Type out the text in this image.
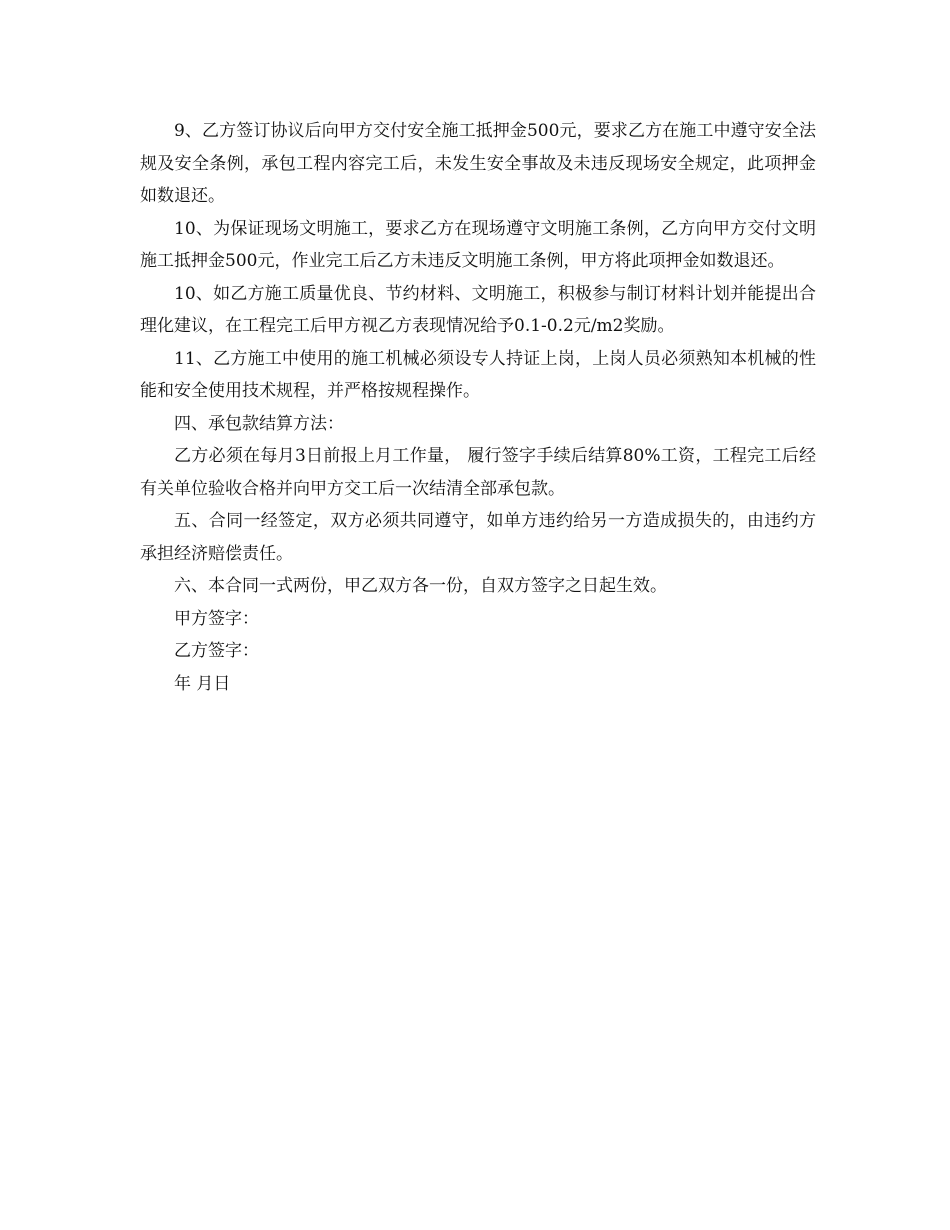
9、乙方签订协议后向甲方交付安全施工抵押金500元，要求乙方在施工中遵守安全法规及安全条例，承包工程内容完工后，未发生安全事故及未违反现场安全规定，此项押金如数退还。

10、为保证现场文明施工，要求乙方在现场遵守文明施工条例，乙方向甲方交付文明施工抵押金500元，作业完工后乙方未违反文明施工条例，甲方将此项押金如数退还。

10、如乙方施工质量优良、节约材料、文明施工，积极参与制订材料计划并能提出合理化建议，在工程完工后甲方视乙方表现情况给予0.1-0.2元/m2奖励。

11、乙方施工中使用的施工机械必须设专人持证上岗，上岗人员必须熟知本机械的性能和安全使用技术规程，并严格按规程操作。

四、承包款结算方法：

乙方必须在每月3日前报上月工作量， 履行签字手续后结算80%工资，工程完工后经有关单位验收合格并向甲方交工后一次结清全部承包款。

五、合同一经签定，双方必须共同遵守，如单方违约给另一方造成损失的，由违约方承担经济赔偿责任。

六、本合同一式两份，甲乙双方各一份，自双方签字之日起生效。

甲方签字：

乙方签字：

年 月日
